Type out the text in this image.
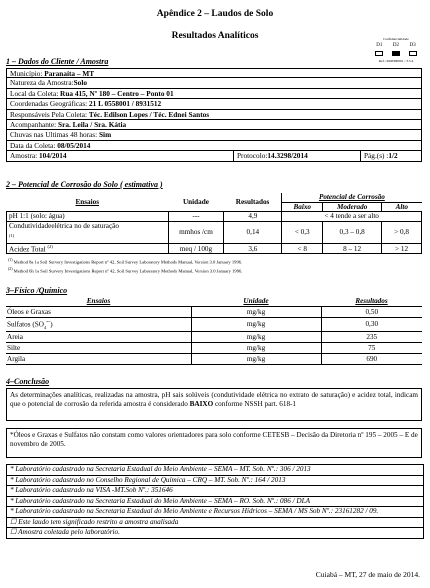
Apêndice 2 – Laudos de Solo
Resultados Analíticos	Confidencialidade
D1 D2 D3
Ref.: MOH00001 / 3.5.4
1 – Dados do Cliente / Amostra
Município: Paranaíta – MT
Natureza da Amostra:Solo
Local da Coleta: Rua 415, Nº 180 – Centro – Ponto 01
Coordenadas Geográficas: 21 L 0558001 / 8931512
Responsáveis Pela Coleta: Téc. Edilson Lopes / Téc. Ednei Santos
Acompanhante: Sra. Leila / Sra. Kátia
Chuvas nas Ultimas 48 horas: Sim
Data da Coleta: 08/05/2014
Amostra: 104/2014	Protocolo:14.3298/2014	Pág.(s) :1/2
2 – Potencial de Corrosão do Solo ( estimativa )
Ensaios	Unidade	Resultados	Potencial de Corrosão		
			Baixo	Moderado	Alto
pH 1:1 (solo: água)	---	4,9	< 4 tende a ser alto		
Condutividadeelétrica no de saturação
$^{(1)}$	mmhos /cm	0,14	< 0,3	0,3 – 0,8	> 0,8
Acidez Total $^{(2)}$	meq / 100g	3,6	< 8	8 – 12	> 12
$^{(1)}$ Method 8a 1a Soil Survery Investigations Report nº 42, Soil Survey Laboratory Methods Manual, Version 3.0 January 1996.
$^{(2)}$ Method 6h 1a Soil Survery Investigations Report nº 42, Soil Survey Laboratory Methods Manual, Version 3.0 January 1996.
3–Físico /Químico
Ensaios	Unidade	Resultados
Óleos e Graxas	mg/kg	0,50
Sulfatos $(SO_4^{=-})$	mg/kg	0,30
Areia	mg/kg	235
Silte	mg/kg	75
Argila	mg/kg	690
4–Conclusão
As determinações analíticas, realizadas na amostra, pH sais solúveis (condutividade elétrica no extrato de saturação) e acidez total, indicam que o potencial de corrosão da referida amostra é considerado BAIXO conforme NSSH part. 618-1
*Óleos e Graxas e Sulfatos não constam como valores orientadores para solo conforme CETESB – Decisão da Diretoria nº 195 – 2005 – E de novembro de 2005.
* Laboratório cadastrado na Secretaria Estadual do Meio Ambiente – SEMA – MT. Sob. Nº.: 306 / 2013
* Laboratório cadastrado no Conselho Regional de Química – CRQ – MT. Sob. Nº.: 164 / 2013
* Laboratório cadastrado na VISA -MT.Sob Nº.: 351646
* Laboratório cadastrado na Secretaria Estadual do Meio Ambiente – SEMA – RO. Sob. Nº.: 086 / DLA
* Laboratório cadastrado na Secretaria Estadual do Meio Ambiente e Recursos Hídricos – SEMA / MS Sob Nº.: 23161282 / 09.
☐ Este laudo tem significado restrito a amostra analisada
☐ Amostra coletada pelo laboratório.
Cuiabá – MT, 27 de maio de 2014.
